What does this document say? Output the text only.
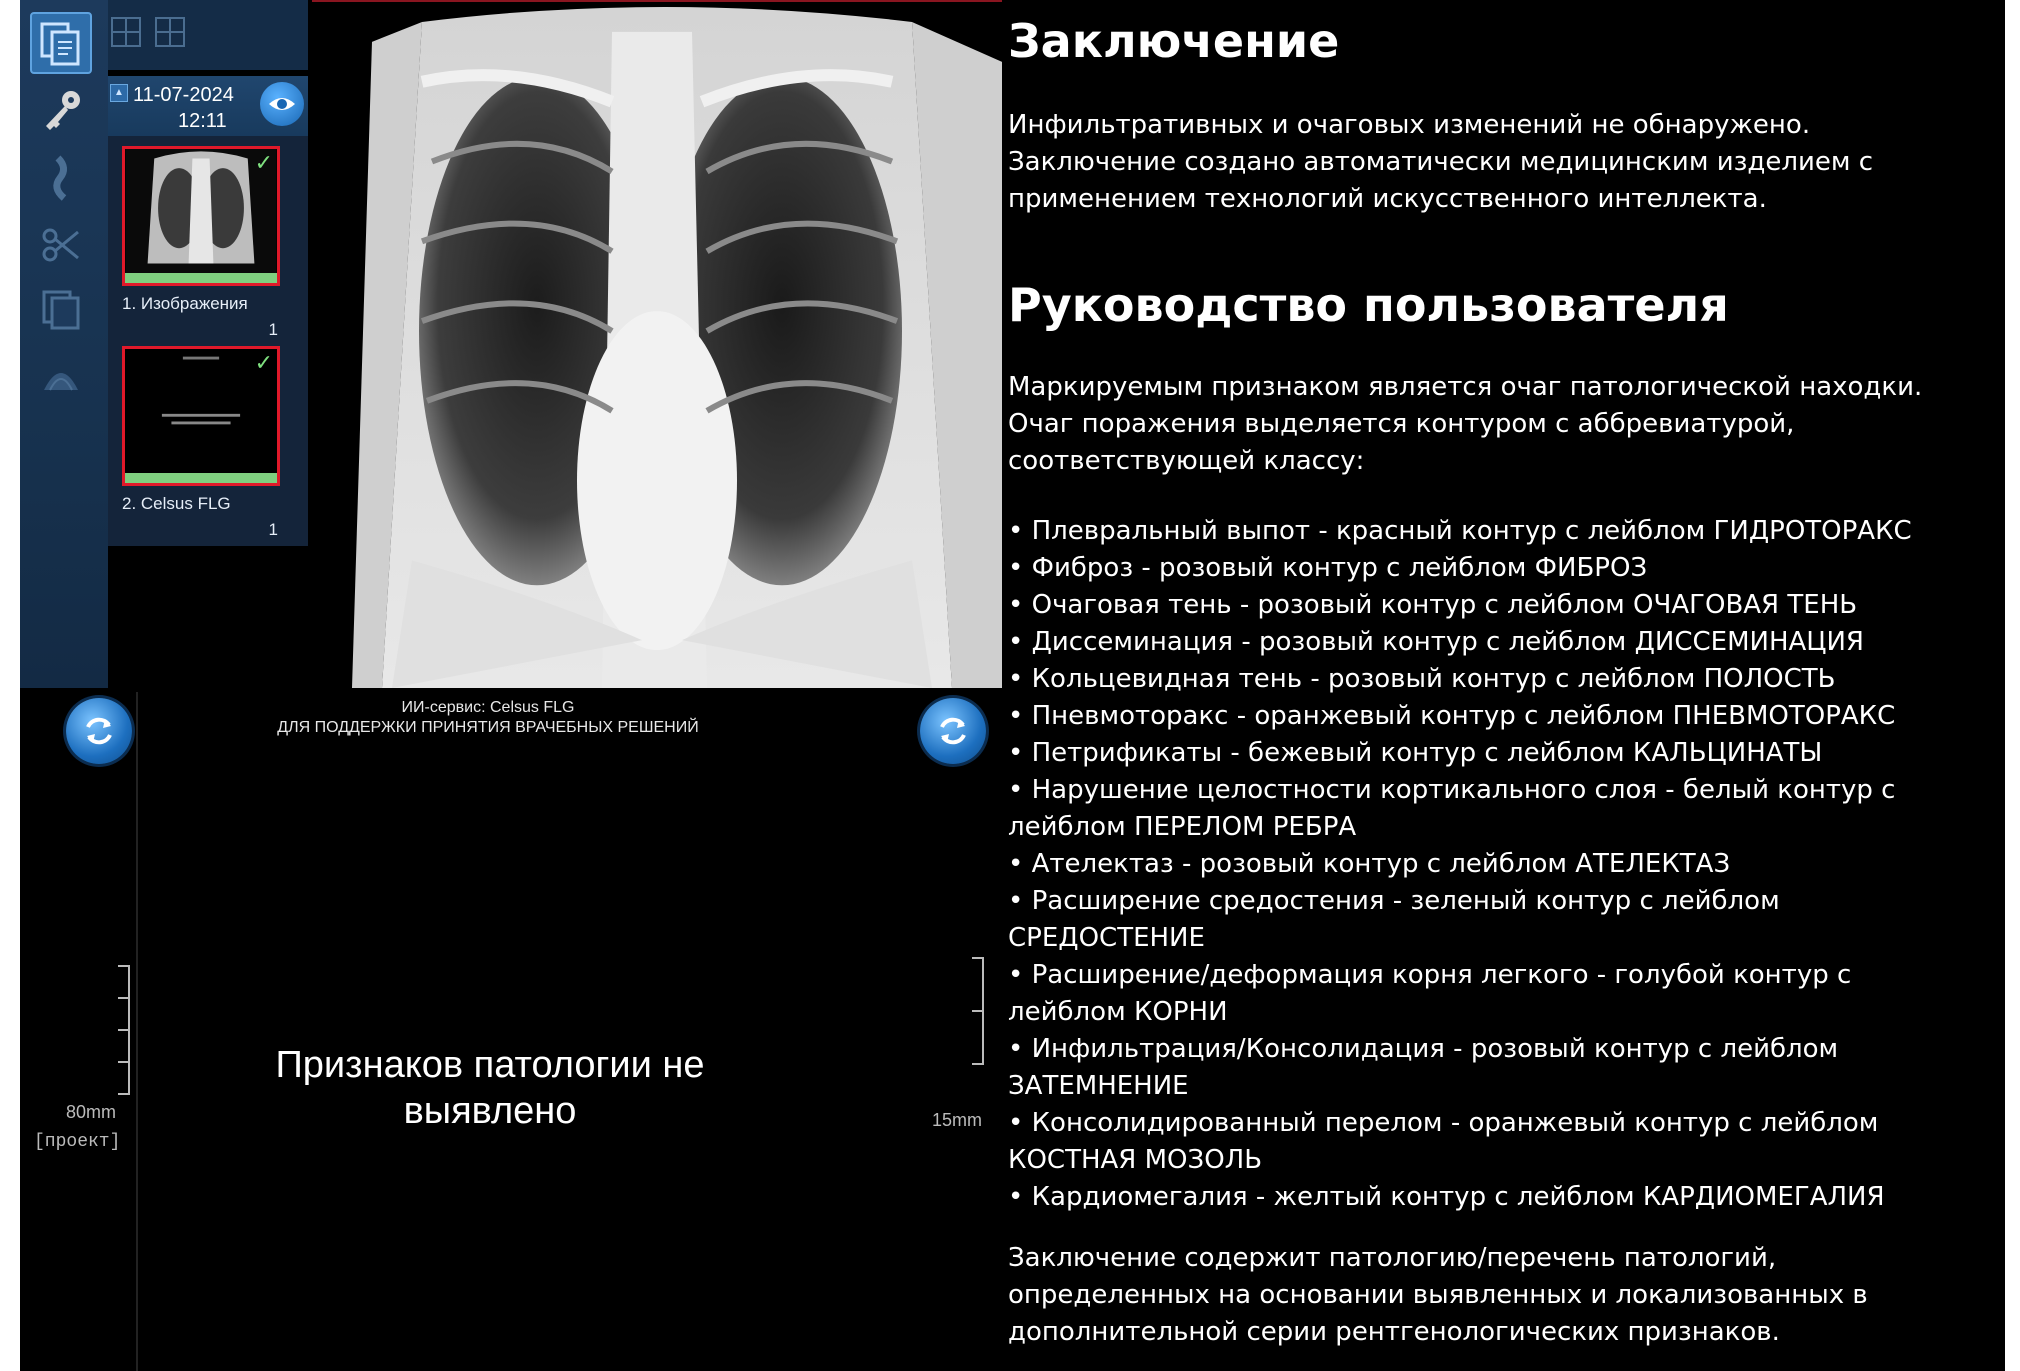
▲ 11-07-2024
12:11
✓
1. Изображения
1
✓
2. Celsus FLG
1
ИИ-сервис: Celsus FLG
ДЛЯ ПОДДЕРЖКИ ПРИНЯТИЯ ВРАЧЕБНЫХ РЕШЕНИЙ
Признаков патологии не
выявлено
80mm
[проект]
15mm
Заключение
Инфильтративных и очаговых изменений не обнаружено.
Заключение создано автоматически медицинским изделием с
применением технологий искусственного интеллекта.
Руководство пользователя
Маркируемым признаком является очаг патологической находки.
Очаг поражения выделяется контуром с аббревиатурой,
соответствующей классу:
• Плевральный выпот - красный контур с лейблом ГИДРОТОРАКС
• Фиброз - розовый контур с лейблом ФИБРОЗ
• Очаговая тень - розовый контур с лейблом ОЧАГОВАЯ ТЕНЬ
• Диссеминация - розовый контур с лейблом ДИССЕМИНАЦИЯ
• Кольцевидная тень - розовый контур с лейблом ПОЛОСТЬ
• Пневмоторакс - оранжевый контур с лейблом ПНЕВМОТОРАКС
• Петрификаты - бежевый контур с лейблом КАЛЬЦИНАТЫ
• Нарушение целостности кортикального слоя - белый контур с
лейблом ПЕРЕЛОМ РЕБРА
• Ателектаз - розовый контур с лейблом АТЕЛЕКТАЗ
• Расширение средостения - зеленый контур с лейблом
СРЕДОСТЕНИЕ
• Расширение/деформация корня легкого - голубой контур с
лейблом КОРНИ
• Инфильтрация/Консолидация - розовый контур с лейблом
ЗАТЕМНЕНИЕ
• Консолидированный перелом - оранжевый контур с лейблом
КОСТНАЯ МОЗОЛЬ
• Кардиомегалия - желтый контур с лейблом КАРДИОМЕГАЛИЯ
Заключение содержит патологию/перечень патологий,
определенных на основании выявленных и локализованных в
дополнительной серии рентгенологических признаков.
